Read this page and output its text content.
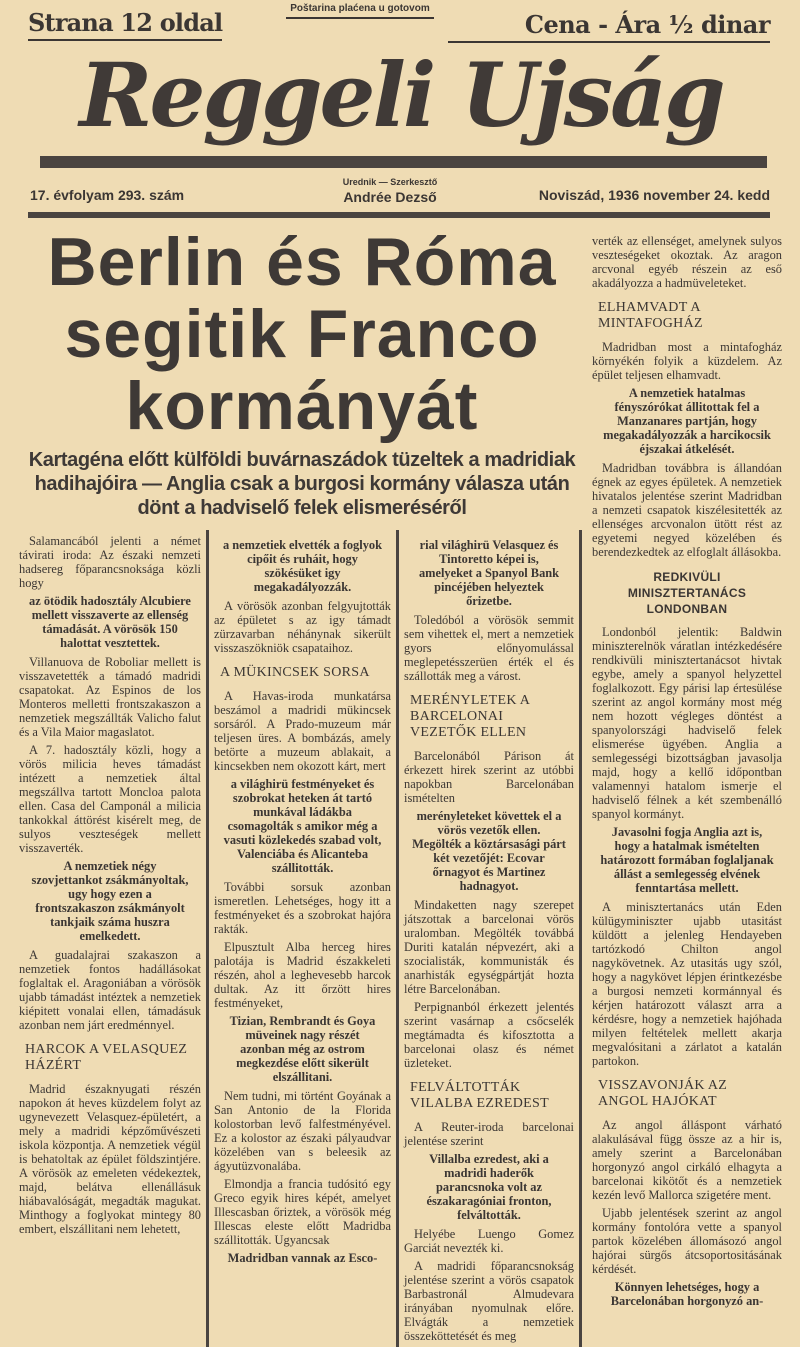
Strana 12 oldal	Poštarina plaćena u gotovom
Cena - Ára ½ dinar
Reggeli Ujság
17. évfolyam 293. szám
Urednik — Szerkesztő
Andrée Dezső	Noviszád, 1936 november 24. kedd
Berlin és Róma
segitik Franco
kormányát
Kartagéna előtt külföldi buvárnaszádok tüzeltek a madridiak hadihajóira — Anglia csak a burgosi kormány válasza után dönt a hadviselő felek elismeréséről

Salamancából jelenti a német távirati iroda: Az északi nemzeti hadsereg főparancsnoksága közli hogy

az ötödik hadosztály Alcubiere mellett visszaverte az ellenség támadását. A vörösök 150 halottat vesztettek.

Villanuova de Roboliar mellett is visszavetették a támadó madridi csapatokat. Az Espinos de los Monteros melletti frontszakaszon a nemzetiek megszállták Valicho falut és a Vila Maior magaslatot.

A 7. hadosztály közli, hogy a vörös milicia heves támadást intézett a nemzetiek által megszállva tartott Moncloa palota ellen. Casa del Camponál a milicia tankokkal áttörést kisérelt meg, de sulyos veszteségek mellett visszaverték.

A nemzetiek négy szovjettankot zsákmányoltak, ugy hogy ezen a frontszakaszon zsákmányolt tankjaik száma huszra emelkedett.

A guadalajrai szakaszon a nemzetiek fontos hadállásokat foglaltak el. Aragoniában a vörösök ujabb támadást intéztek a nemzetiek kiépitett vonalai ellen, támadásuk azonban nem járt eredménnyel.

HARCOK A VELASQUEZ HÁZÉRT

Madrid északnyugati részén napokon át heves küzdelem folyt az ugynevezett Velasquez-épületért, a mely a madridi képzőművészeti iskola központja. A nemzetiek végül is behatoltak az épület földszintjére. A vörösök az emeleten védekeztek, majd, belátva ellenállásuk hiábavalóságát, megadták magukat. Minthogy a foglyokat mintegy 80 embert, elszállitani nem lehetett,

a nemzetiek elvették a foglyok cipőit és ruháit, hogy szökésüket igy megakadályozzák.

A vörösök azonban felgyujtották az épületet s az igy támadt zürzavarban néhánynak sikerült visszaszökniök csapataihoz.

A MÜKINCSEK SORSA

A Havas-iroda munkatársa beszámol a madridi mükincsek sorsáról. A Prado-muzeum már teljesen üres. A bombázás, amely betörte a muzeum ablakait, a kincsekben nem okozott kárt, mert

a világhirü festményeket és szobrokat heteken át tartó munkával ládákba csomagolták s amikor még a vasuti közlekedés szabad volt, Valenciába és Alicanteba szállitották.

További sorsuk azonban ismeretlen. Lehetséges, hogy itt a festményeket és a szobrokat hajóra rakták.

Elpusztult Alba herceg hires palotája is Madrid északkeleti részén, ahol a leghevesebb harcok dultak. Az itt őrzött hires festményeket,

Tizian, Rembrandt és Goya müveinek nagy részét azonban még az ostrom megkezdése előtt sikerült elszállitani.

Nem tudni, mi történt Goyának a San Antonio de la Florida kolostorban levő falfestményével. Ez a kolostor az északi pályaudvar közelében van s beleesik az ágyutüzvonalába.

Elmondja a francia tudósitó egy Greco egyik hires képét, amelyet Illescasban őriztek, a vörösök még Illescas eleste előtt Madridba szállitották. Ugyancsak

Madridban vannak az Esco-

rial világhirü Velasquez és Tintoretto képei is, amelyeket a Spanyol Bank pincéjében helyeztek őrizetbe.

Toledóból a vörösök semmit sem vihettek el, mert a nemzetiek gyors előnyomulással meglepetésszerüen érték el és szállották meg a várost.

MERÉNYLETEK A BARCELONAI VEZETŐK ELLEN

Barcelonából Párison át érkezett hirek szerint az utóbbi napokban Barcelonában ismételten

merényleteket követtek el a vörös vezetők ellen. Megölték a köztársasági párt két vezetőjét: Ecovar őrnagyot és Martinez hadnagyot.

Mindaketten nagy szerepet játszottak a barcelonai vörös uralomban. Megölték továbbá Duriti katalán népvezért, aki a szocialisták, kommunisták és anarhisták egységpártját hozta létre Barcelonában.

Perpignanból érkezett jelentés szerint vasárnap a csőcselék megtámadta és kifosztotta a barcelonai olasz és német üzleteket.

FELVÁLTOTTÁK VILALBA EZREDEST

A Reuter-iroda barcelonai jelentése szerint

Villalba ezredest, aki a madridi haderők parancsnoka volt az északaragóniai fronton, felváltották.

Helyébe Luengo Gomez Garciát nevezték ki.

A madridi főparancsnokság jelentése szerint a vörös csapatok Barbastronál Almudevara irányában nyomulnak előre. Elvágták a nemzetiek összeköttetését és meg

verték az ellenséget, amelynek sulyos veszteségeket okoztak. Az aragon arcvonal egyéb részein az eső akadályozza a hadmüveleteket.

ELHAMVADT A MINTAFOGHÁZ

Madridban most a mintafogház környékén folyik a küzdelem. Az épület teljesen elhamvadt.

A nemzetiek hatalmas fényszórókat állitottak fel a Manzanares partján, hogy megakadályozzák a harcikocsik éjszakai átkelését.

Madridban továbbra is állandóan égnek az egyes épületek. A nemzetiek hivatalos jelentése szerint Madridban a nemzeti csapatok kiszélesitették az ellenséges arcvonalon ütött rést az egyetemi negyed közelében és berendezkedtek az elfoglalt állásokba.

REDKIVÜLI MINISZTERTANÁCS LONDONBAN

Londonból jelentik: Baldwin miniszterelnök váratlan intézkedésére rendkivüli minisztertanácsot hivtak egybe, amely a spanyol helyzettel foglalkozott. Egy párisi lap értesülése szerint az angol kormány most még nem hozott végleges döntést a spanyolországi hadviselő felek elismerése ügyében. Anglia a semlegességi bizottságban javasolja majd, hogy a kellő időpontban valamennyi hatalom ismerje el hadviselő félnek a két szembenálló spanyol kormányt.

Javasolni fogja Anglia azt is, hogy a hatalmak ismételten határozott formában foglaljanak állást a semlegesség elvének fenntartása mellett.

A minisztertanács után Eden külügyminiszter ujabb utasitást küldött a jelenleg Hendayeben tartózkodó Chilton angol nagykövetnek. Az utasitás ugy szól, hogy a nagykövet lépjen érintkezésbe a burgosi nemzeti kormánnyal és kérjen határozott választ arra a kérdésre, hogy a nemzetiek hajóhada milyen feltételek mellett akarja megvalósitani a zárlatot a katalán partokon.

VISSZAVONJÁK AZ ANGOL HAJÓKAT

Az angol álláspont várható alakulásával függ össze az a hir is, amely szerint a Barcelonában horgonyzó angol cirkáló elhagyta a barcelonai kikötőt és a nemzetiek kezén levő Mallorca szigetére ment.

Ujabb jelentések szerint az angol kormány fontolóra vette a spanyol partok közelében állomásozó angol hajórai sürgős átcsoportositásának kérdését.

Könnyen lehetséges, hogy a Barcelonában horgonyzó an-
